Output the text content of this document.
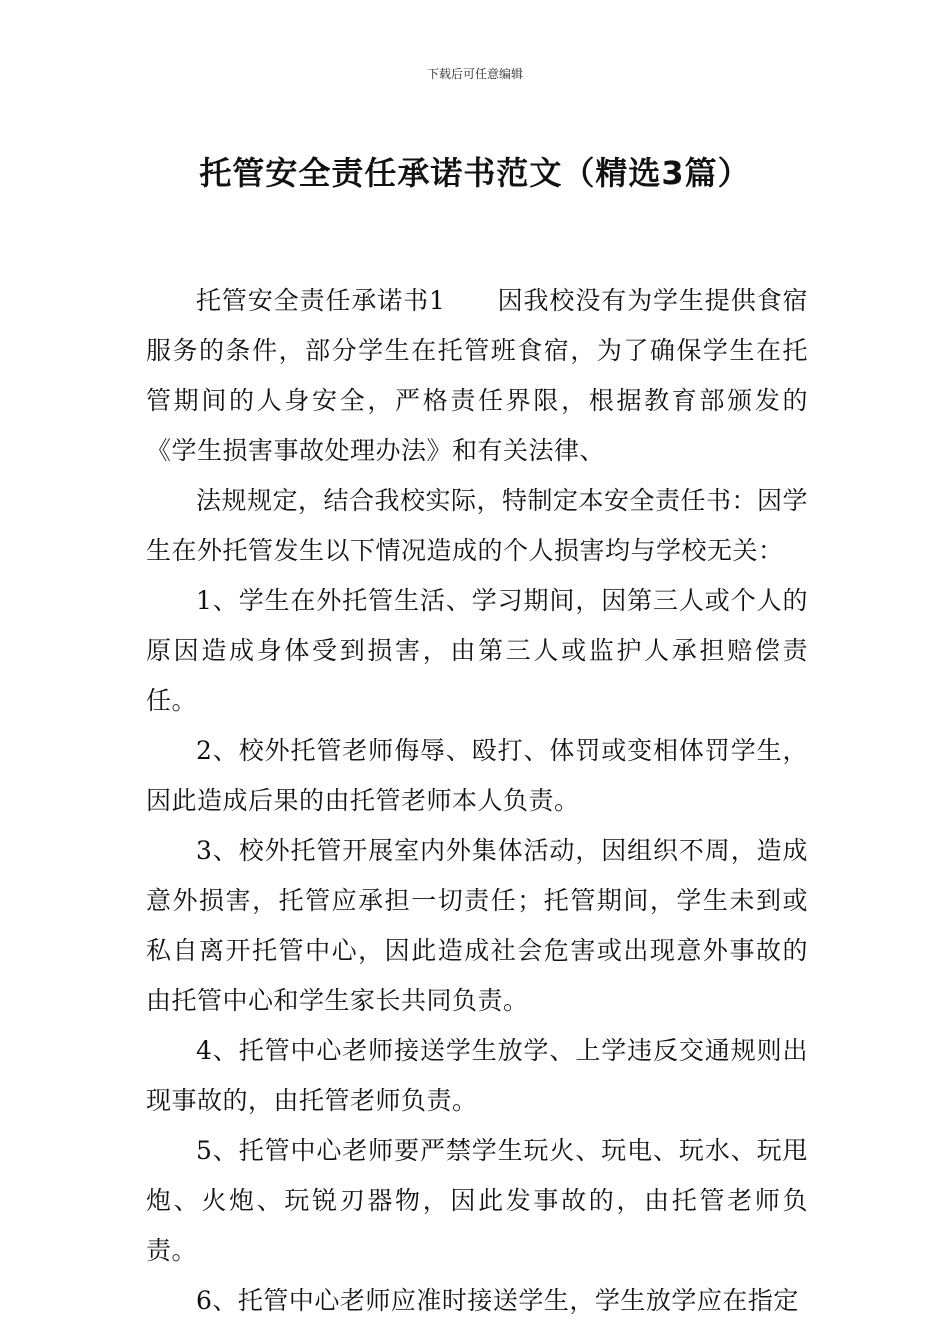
下载后可任意编辑
托管安全责任承诺书范文（精选3篇）

托管安全责任承诺书1　　因我校没有为学生提供食宿服务的条件，部分学生在托管班食宿，为了确保学生在托管期间的人身安全，严格责任界限，根据教育部颁发的《学生损害事故处理办法》和有关法律、

法规规定，结合我校实际，特制定本安全责任书：因学生在外托管发生以下情况造成的个人损害均与学校无关：

1、学生在外托管生活、学习期间，因第三人或个人的原因造成身体受到损害，由第三人或监护人承担赔偿责任。

2、校外托管老师侮辱、殴打、体罚或变相体罚学生，因此造成后果的由托管老师本人负责。

3、校外托管开展室内外集体活动，因组织不周，造成意外损害，托管应承担一切责任；托管期间，学生未到或私自离开托管中心，因此造成社会危害或出现意外事故的由托管中心和学生家长共同负责。

4、托管中心老师接送学生放学、上学违反交通规则出现事故的，由托管老师负责。

5、托管中心老师要严禁学生玩火、玩电、玩水、玩甩炮、火炮、玩锐刃器物，因此发事故的，由托管老师负责。

6、托管中心老师应准时接送学生，学生放学应在指定
